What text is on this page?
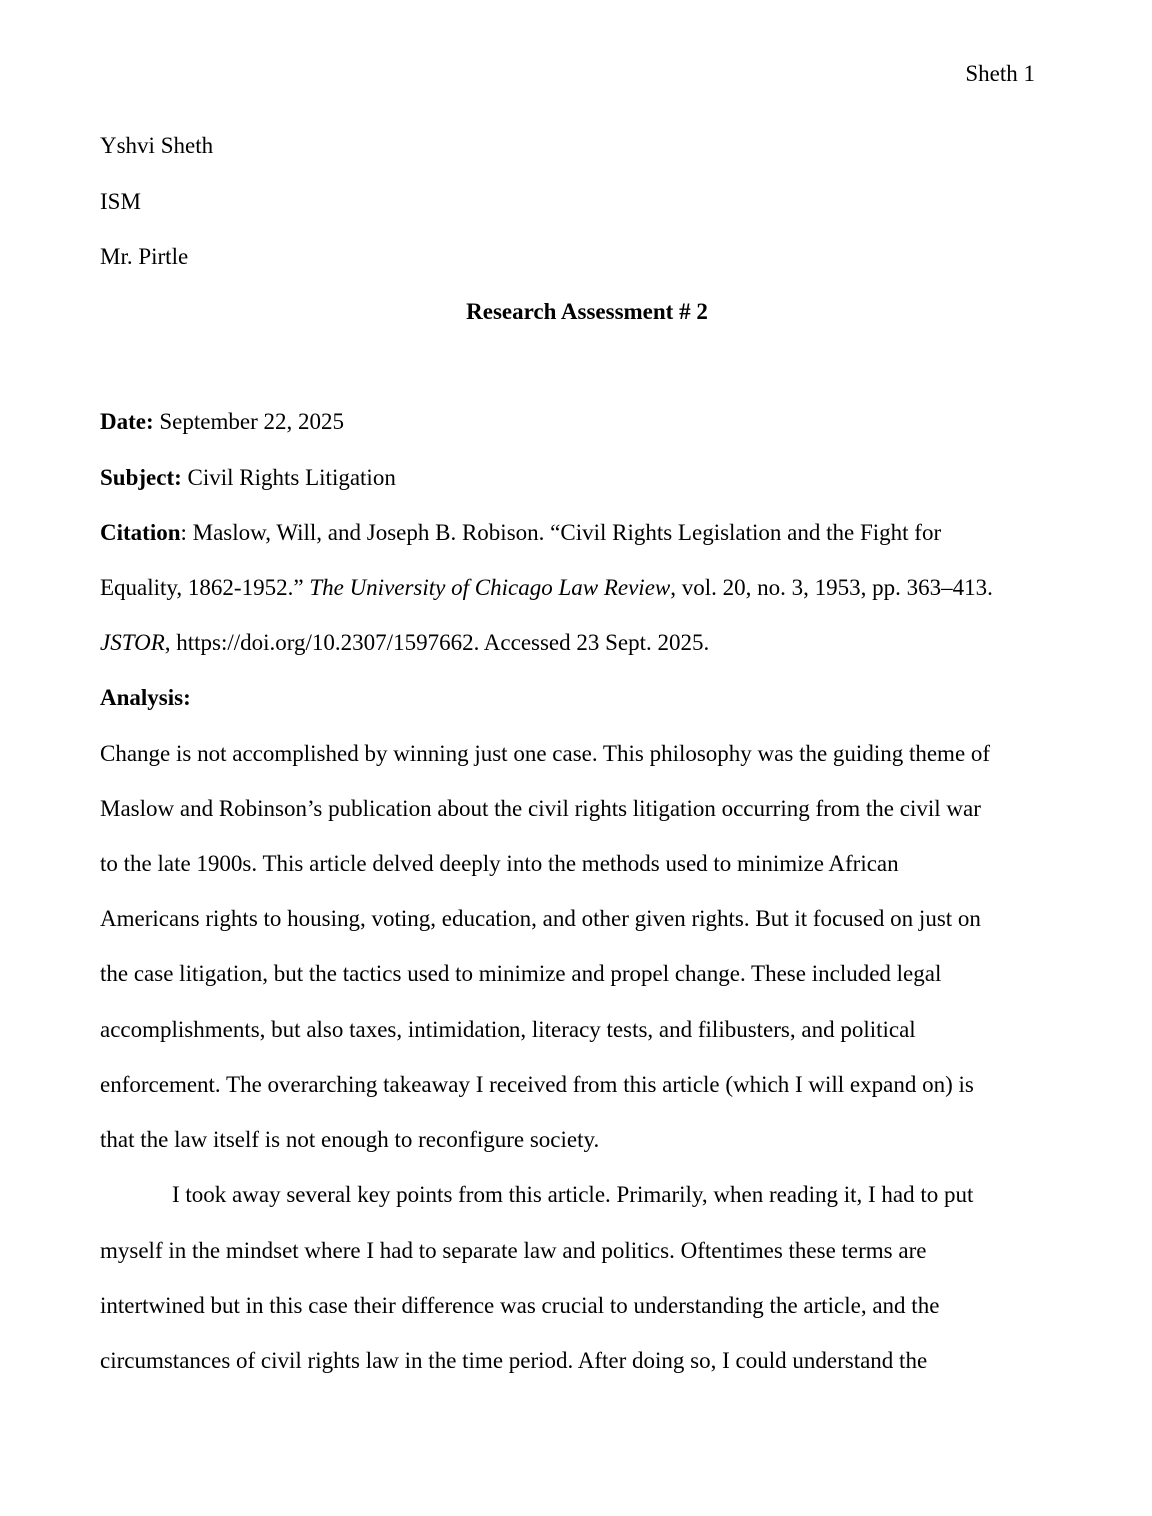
Sheth 1
Yshvi Sheth
ISM
Mr. Pirtle
Research Assessment # 2
Date: September 22, 2025
Subject: Civil Rights Litigation
Citation: Maslow, Will, and Joseph B. Robison. “Civil Rights Legislation and the Fight for
Equality, 1862-1952.” The University of Chicago Law Review, vol. 20, no. 3, 1953, pp. 363–413.
JSTOR, https://doi.org/10.2307/1597662. Accessed 23 Sept. 2025.
Analysis:
Change is not accomplished by winning just one case. This philosophy was the guiding theme of
Maslow and Robinson’s publication about the civil rights litigation occurring from the civil war
to the late 1900s. This article delved deeply into the methods used to minimize African
Americans rights to housing, voting, education, and other given rights. But it focused on just on
the case litigation, but the tactics used to minimize and propel change. These included legal
accomplishments, but also taxes, intimidation, literacy tests, and filibusters, and political
enforcement. The overarching takeaway I received from this article (which I will expand on) is
that the law itself is not enough to reconfigure society.
I took away several key points from this article. Primarily, when reading it, I had to put
myself in the mindset where I had to separate law and politics. Oftentimes these terms are
intertwined but in this case their difference was crucial to understanding the article, and the
circumstances of civil rights law in the time period. After doing so, I could understand the
